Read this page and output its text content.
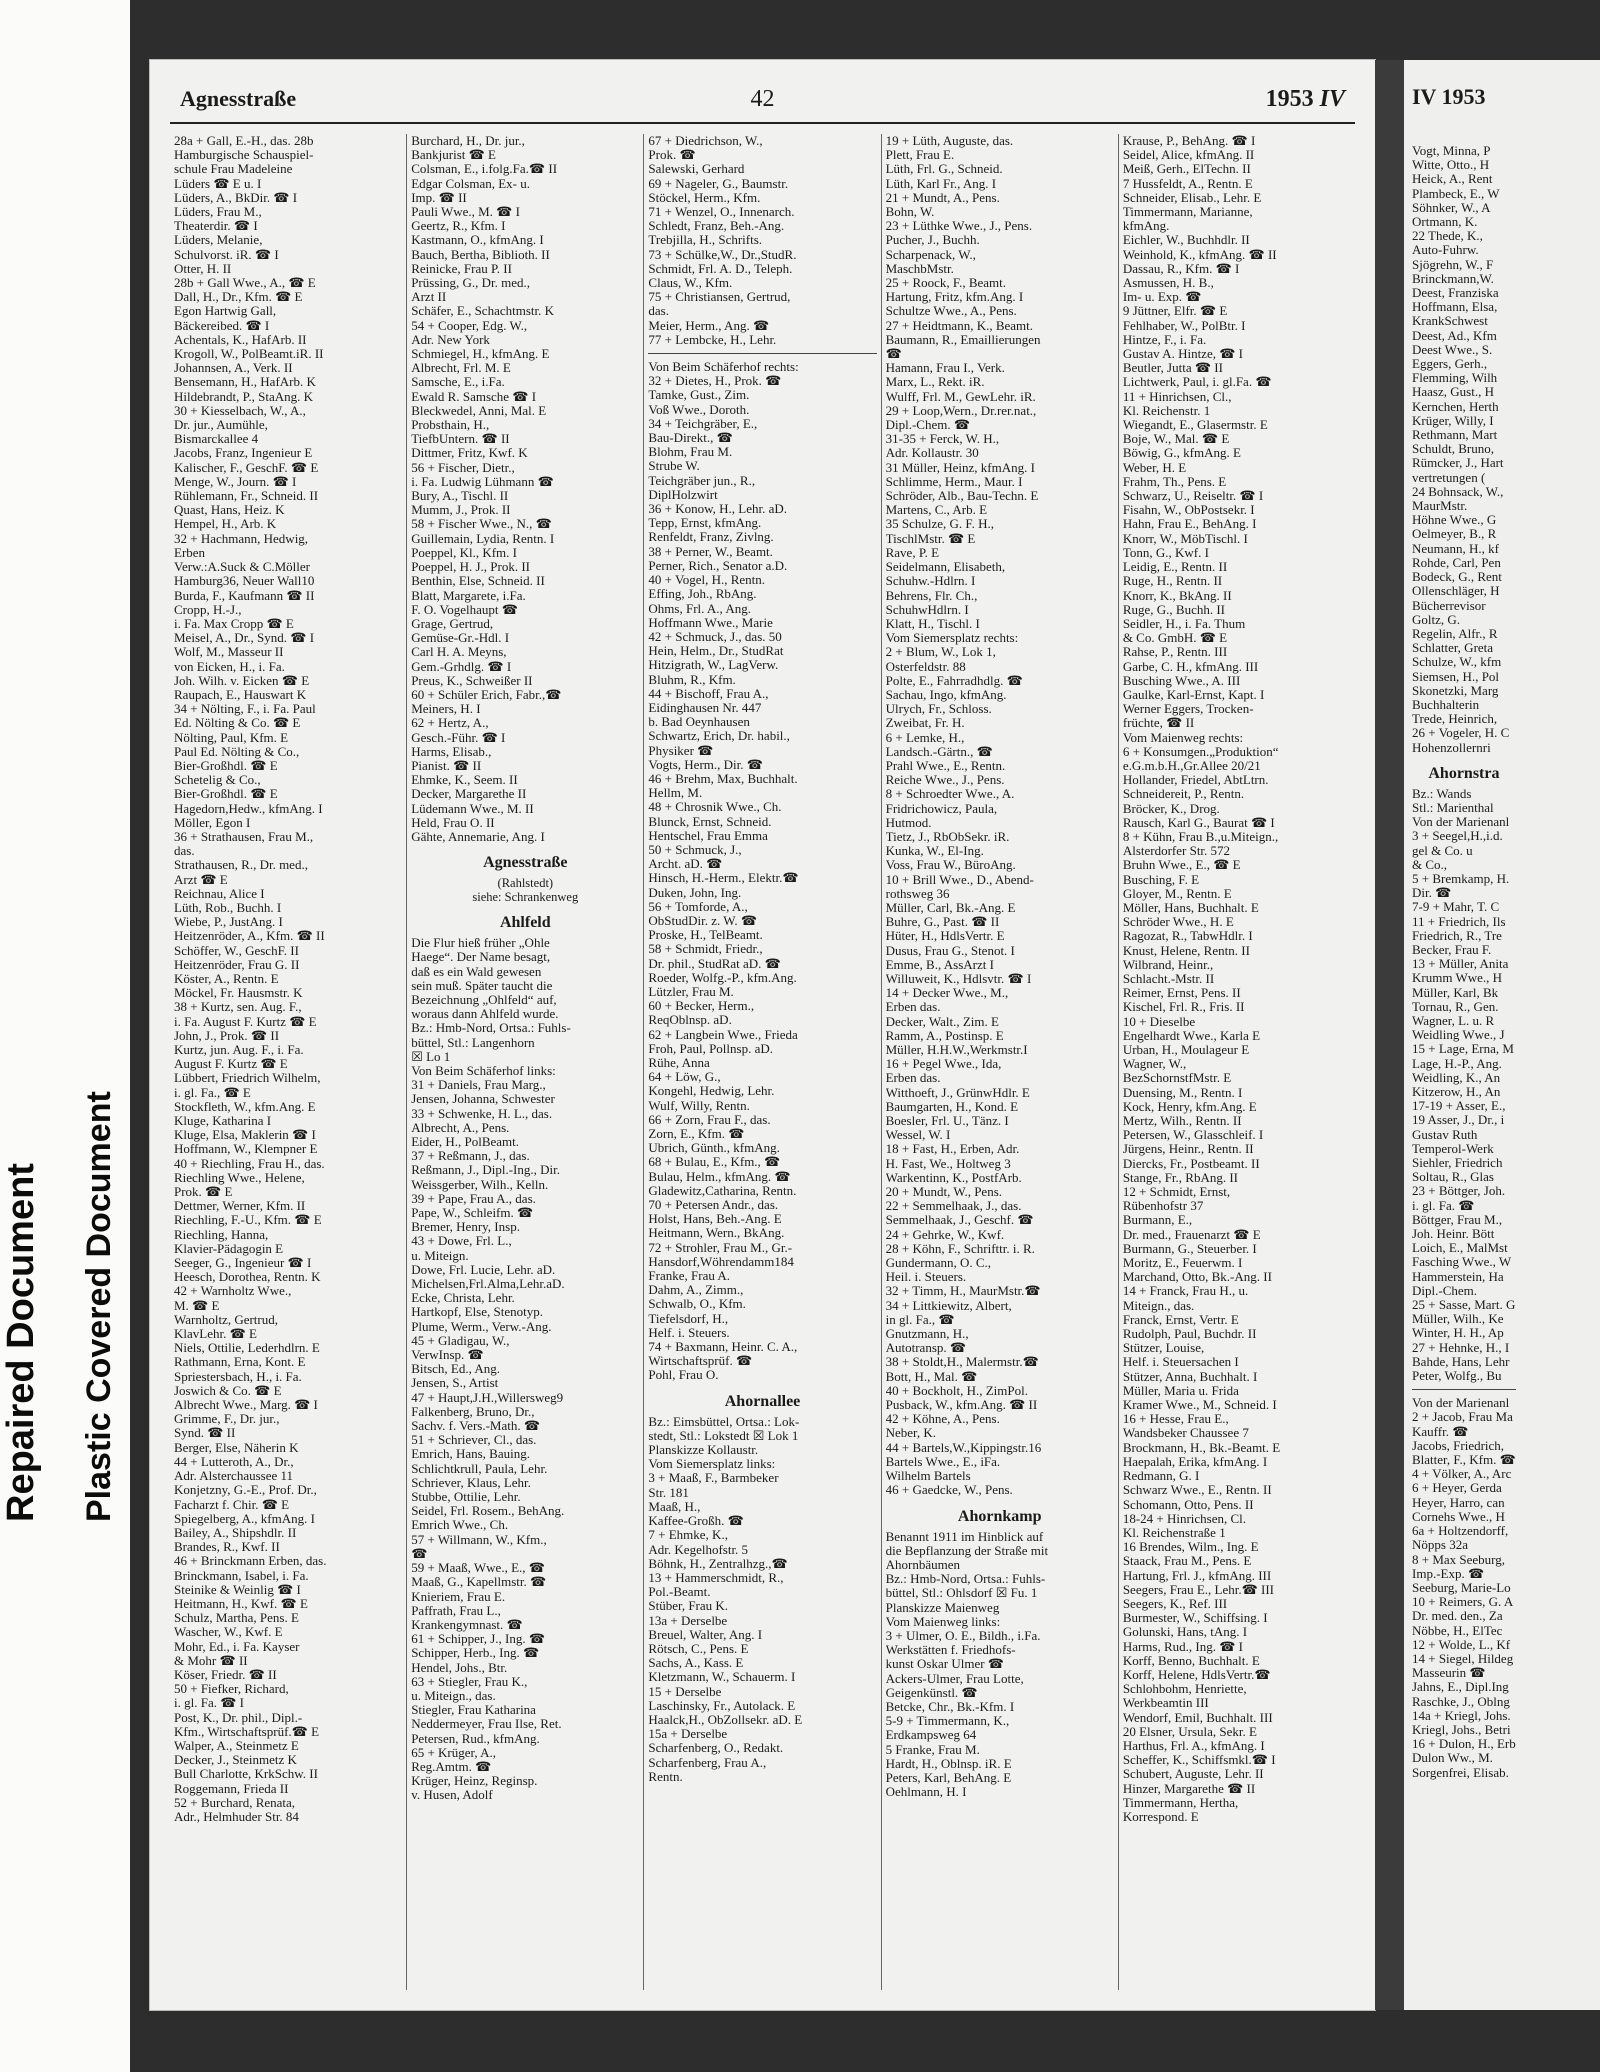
Repaired Document Plastic Covered Document
Agnesstraße	42	1953 IV
28a + Gall, E.-H., das. 28b
Hamburgische Schauspiel-
schule Frau Madeleine
Lüders ☎ E u. I
Lüders, A., BkDir. ☎ I
Lüders, Frau M.,
Theaterdir. ☎ I
Lüders, Melanie,
Schulvorst. iR. ☎ I
Otter, H. II
28b + Gall Wwe., A., ☎ E
Dall, H., Dr., Kfm. ☎ E
Egon Hartwig Gall,
Bäckereibed. ☎ I
Achentals, K., HafArb. II
Krogoll, W., PolBeamt.iR. II
Johannsen, A., Verk. II
Bensemann, H., HafArb. K
Hildebrandt, P., StaAng. K
30 + Kiesselbach, W., A.,
Dr. jur., Aumühle,
Bismarckallee 4
Jacobs, Franz, Ingenieur E
Kalischer, F., GeschF. ☎ E
Menge, W., Journ. ☎ I
Rühlemann, Fr., Schneid. II
Quast, Hans, Heiz. K
Hempel, H., Arb. K
32 + Hachmann, Hedwig,
Erben
Verw.:A.Suck & C.Möller
Hamburg36, Neuer Wall10
Burda, F., Kaufmann ☎ II
Cropp, H.-J.,
i. Fa. Max Cropp ☎ E
Meisel, A., Dr., Synd. ☎ I
Wolf, M., Masseur II
von Eicken, H., i. Fa.
Joh. Wilh. v. Eicken ☎ E
Raupach, E., Hauswart K
34 + Nölting, F., i. Fa. Paul
Ed. Nölting & Co. ☎ E
Nölting, Paul, Kfm. E
Paul Ed. Nölting & Co.,
Bier-Großhdl. ☎ E
Schetelig & Co.,
Bier-Großhdl. ☎ E
Hagedorn,Hedw., kfmAng. I
Möller, Egon I
36 + Strathausen, Frau M.,
das.
Strathausen, R., Dr. med.,
Arzt ☎ E
Reichnau, Alice I
Lüth, Rob., Buchh. I
Wiebe, P., JustAng. I
Heitzenröder, A., Kfm. ☎ II
Schöffer, W., GeschF. II
Heitzenröder, Frau G. II
Köster, A., Rentn. E
Möckel, Fr. Hausmstr. K
38 + Kurtz, sen. Aug. F.,
i. Fa. August F. Kurtz ☎ E
John, J., Prok. ☎ II
Kurtz, jun. Aug. F., i. Fa.
August F. Kurtz ☎ E
Lübbert, Friedrich Wilhelm,
i. gl. Fa., ☎ E
Stockfleth, W., kfm.Ang. E
Kluge, Katharina I
Kluge, Elsa, Maklerin ☎ I
Hoffmann, W., Klempner E
40 + Riechling, Frau H., das.
Riechling Wwe., Helene,
Prok. ☎ E
Dettmer, Werner, Kfm. II
Riechling, F.-U., Kfm. ☎ E
Riechling, Hanna,
Klavier-Pädagogin E
Seeger, G., Ingenieur ☎ I
Heesch, Dorothea, Rentn. K
42 + Warnholtz Wwe.,
M. ☎ E
Warnholtz, Gertrud,
KlavLehr. ☎ E
Niels, Ottilie, Lederhdlrn. E
Rathmann, Erna, Kont. E
Spriestersbach, H., i. Fa.
Joswich & Co. ☎ E
Albrecht Wwe., Marg. ☎ I
Grimme, F., Dr. jur.,
Synd. ☎ II
Berger, Else, Näherin K
44 + Lutteroth, A., Dr.,
Adr. Alsterchaussee 11
Konjetzny, G.-E., Prof. Dr.,
Facharzt f. Chir. ☎ E
Spiegelberg, A., kfmAng. I
Bailey, A., Shipshdlr. II
Brandes, R., Kwf. II
46 + Brinckmann Erben, das.
Brinckmann, Isabel, i. Fa.
Steinike & Weinlig ☎ I
Heitmann, H., Kwf. ☎ E
Schulz, Martha, Pens. E
Wascher, W., Kwf. E
Mohr, Ed., i. Fa. Kayser
& Mohr ☎ II
Köser, Friedr. ☎ II
50 + Fiefker, Richard,
i. gl. Fa. ☎ I
Post, K., Dr. phil., Dipl.-
Kfm., Wirtschaftsprüf.☎ E
Walper, A., Steinmetz E
Decker, J., Steinmetz K
Bull Charlotte, KrkSchw. II
Roggemann, Frieda II
52 + Burchard, Renata,
Adr., Helmhuder Str. 84
Burchard, H., Dr. jur.,
Bankjurist ☎ E
Colsman, E., i.folg.Fa.☎ II
Edgar Colsman, Ex- u.
Imp. ☎ II
Pauli Wwe., M. ☎ I
Geertz, R., Kfm. I
Kastmann, O., kfmAng. I
Bauch, Bertha, Biblioth. II
Reinicke, Frau P. II
Prüssing, G., Dr. med.,
Arzt II
Schäfer, E., Schachtmstr. K
54 + Cooper, Edg. W.,
Adr. New York
Schmiegel, H., kfmAng. E
Albrecht, Frl. M. E
Samsche, E., i.Fa.
Ewald R. Samsche ☎ I
Bleckwedel, Anni, Mal. E
Probsthain, H.,
TiefbUntern. ☎ II
Dittmer, Fritz, Kwf. K
56 + Fischer, Dietr.,
i. Fa. Ludwig Lühmann ☎
Bury, A., Tischl. II
Mumm, J., Prok. II
58 + Fischer Wwe., N., ☎
Guillemain, Lydia, Rentn. I
Poeppel, Kl., Kfm. I
Poeppel, H. J., Prok. II
Benthin, Else, Schneid. II
Blatt, Margarete, i.Fa.
F. O. Vogelhaupt ☎
Grage, Gertrud,
Gemüse-Gr.-Hdl. I
Carl H. A. Meyns,
Gem.-Grhdlg. ☎ I
Preus, K., Schweißer II
60 + Schüler Erich, Fabr.,☎
Meiners, H. I
62 + Hertz, A.,
Gesch.-Führ. ☎ I
Harms, Elisab.,
Pianist. ☎ II
Ehmke, K., Seem. II
Decker, Margarethe II
Lüdemann Wwe., M. II
Held, Frau O. II
Gähte, Annemarie, Ang. I
Agnesstraße
(Rahlstedt)
siehe: Schrankenweg
Ahlfeld
Die Flur hieß früher „Ohle
Haege“. Der Name besagt,
daß es ein Wald gewesen
sein muß. Später taucht die
Bezeichnung „Ohlfeld“ auf,
woraus dann Ahlfeld wurde.
Bz.: Hmb-Nord, Ortsa.: Fuhls-
büttel, Stl.: Langenhorn
☒ Lo 1
Von Beim Schäferhof links:
31 + Daniels, Frau Marg.,
Jensen, Johanna, Schwester
33 + Schwenke, H. L., das.
Albrecht, A., Pens.
Eider, H., PolBeamt.
37 + Reßmann, J., das.
Reßmann, J., Dipl.-Ing., Dir.
Weissgerber, Wilh., Kelln.
39 + Pape, Frau A., das.
Pape, W., Schleifm. ☎
Bremer, Henry, Insp.
43 + Dowe, Frl. L.,
u. Miteign.
Dowe, Frl. Lucie, Lehr. aD.
Michelsen,Frl.Alma,Lehr.aD.
Ecke, Christa, Lehr.
Hartkopf, Else, Stenotyp.
Plume, Werm., Verw.-Ang.
45 + Gladigau, W.,
VerwInsp. ☎
Bitsch, Ed., Ang.
Jensen, S., Artist
47 + Haupt,J.H.,Willersweg9
Falkenberg, Bruno, Dr.,
Sachv. f. Vers.-Math. ☎
51 + Schriever, Cl., das.
Emrich, Hans, Bauing.
Schlichtkrull, Paula, Lehr.
Schriever, Klaus, Lehr.
Stubbe, Ottilie, Lehr.
Seidel, Frl. Rosem., BehAng.
Emrich Wwe., Ch.
57 + Willmann, W., Kfm.,
☎
59 + Maaß, Wwe., E., ☎
Maaß, G., Kapellmstr. ☎
Knieriem, Frau E.
Paffrath, Frau L.,
Krankengymnast. ☎
61 + Schipper, J., Ing. ☎
Schipper, Herb., Ing. ☎
Hendel, Johs., Btr.
63 + Stiegler, Frau K.,
u. Miteign., das.
Stiegler, Frau Katharina
Neddermeyer, Frau Ilse, Ret.
Petersen, Rud., kfmAng.
65 + Krüger, A.,
Reg.Amtm. ☎
Krüger, Heinz, Reginsp.
v. Husen, Adolf
67 + Diedrichson, W.,
Prok. ☎
Salewski, Gerhard
69 + Nageler, G., Baumstr.
Stöckel, Herm., Kfm.
71 + Wenzel, O., Innenarch.
Schledt, Franz, Beh.-Ang.
Trebjilla, H., Schrifts.
73 + Schülke,W., Dr.,StudR.
Schmidt, Frl. A. D., Teleph.
Claus, W., Kfm.
75 + Christiansen, Gertrud,
das.
Meier, Herm., Ang. ☎
77 + Lembcke, H., Lehr.
Von Beim Schäferhof rechts:
32 + Dietes, H., Prok. ☎
Tamke, Gust., Zim.
Voß Wwe., Doroth.
34 + Teichgräber, E.,
Bau-Direkt., ☎
Blohm, Frau M.
Strube W.
Teichgräber jun., R.,
DiplHolzwirt
36 + Konow, H., Lehr. aD.
Tepp, Ernst, kfmAng.
Renfeldt, Franz, Zivlng.
38 + Perner, W., Beamt.
Perner, Rich., Senator a.D.
40 + Vogel, H., Rentn.
Effing, Joh., RbAng.
Ohms, Frl. A., Ang.
Hoffmann Wwe., Marie
42 + Schmuck, J., das. 50
Hein, Helm., Dr., StudRat
Hitzigrath, W., LagVerw.
Bluhm, R., Kfm.
44 + Bischoff, Frau A.,
Eidinghausen Nr. 447
b. Bad Oeynhausen
Schwartz, Erich, Dr. habil.,
Physiker ☎
Vogts, Herm., Dir. ☎
46 + Brehm, Max, Buchhalt.
Hellm, M.
48 + Chrosnik Wwe., Ch.
Blunck, Ernst, Schneid.
Hentschel, Frau Emma
50 + Schmuck, J.,
Archt. aD. ☎
Hinsch, H.-Herm., Elektr.☎
Duken, John, Ing.
56 + Tomforde, A.,
ObStudDir. z. W. ☎
Proske, H., TelBeamt.
58 + Schmidt, Friedr.,
Dr. phil., StudRat aD. ☎
Roeder, Wolfg.-P., kfm.Ang.
Lützler, Frau M.
60 + Becker, Herm.,
ReqOblnsp. aD.
62 + Langbein Wwe., Frieda
Froh, Paul, Pollnsp. aD.
Rühe, Anna
64 + Löw, G.,
Kongehl, Hedwig, Lehr.
Wulf, Willy, Rentn.
66 + Zorn, Frau F., das.
Zorn, E., Kfm. ☎
Ubrich, Günth., kfmAng.
68 + Bulau, E., Kfm., ☎
Bulau, Helm., kfmAng. ☎
Gladewitz,Catharina, Rentn.
70 + Petersen Andr., das.
Holst, Hans, Beh.-Ang. E
Heitmann, Wern., BkAng.
72 + Strohler, Frau M., Gr.-
Hansdorf,Wöhrendamm184
Franke, Frau A.
Dahm, A., Zimm.,
Schwalb, O., Kfm.
Tiefelsdorf, H.,
Helf. i. Steuers.
74 + Baxmann, Heinr. C. A.,
Wirtschaftsprüf. ☎
Pohl, Frau O.
Ahornallee
Bz.: Eimsbüttel, Ortsa.: Lok-
stedt, Stl.: Lokstedt ☒ Lok 1
Planskizze Kollaustr.
Vom Siemersplatz links:
3 + Maaß, F., Barmbeker
Str. 181
Maaß, H.,
Kaffee-Großh. ☎
7 + Ehmke, K.,
Adr. Kegelhofstr. 5
Böhnk, H., Zentralhzg.,☎
13 + Hammerschmidt, R.,
Pol.-Beamt.
Stüber, Frau K.
13a + Derselbe
Breuel, Walter, Ang. I
Rötsch, C., Pens. E
Sachs, A., Kass. E
Kletzmann, W., Schauerm. I
15 + Derselbe
Laschinsky, Fr., Autolack. E
Haalck,H., ObZollsekr. aD. E
15a + Derselbe
Scharfenberg, O., Redakt.
Scharfenberg, Frau A.,
Rentn.
19 + Lüth, Auguste, das.
Plett, Frau E.
Lüth, Frl. G., Schneid.
Lüth, Karl Fr., Ang. I
21 + Mundt, A., Pens.
Bohn, W.
23 + Lüthke Wwe., J., Pens.
Pucher, J., Buchh.
Scharpenack, W.,
MaschbMstr.
25 + Roock, F., Beamt.
Hartung, Fritz, kfm.Ang. I
Schultze Wwe., A., Pens.
27 + Heidtmann, K., Beamt.
Baumann, R., Emaillierungen
☎
Hamann, Frau I., Verk.
Marx, L., Rekt. iR.
Wulff, Frl. M., GewLehr. iR.
29 + Loop,Wern., Dr.rer.nat.,
Dipl.-Chem. ☎
31-35 + Ferck, W. H.,
Adr. Kollaustr. 30
31 Müller, Heinz, kfmAng. I
Schlimme, Herm., Maur. I
Schröder, Alb., Bau-Techn. E
Martens, C., Arb. E
35 Schulze, G. F. H.,
TischlMstr. ☎ E
Rave, P. E
Seidelmann, Elisabeth,
Schuhw.-Hdlrn. I
Behrens, Flr. Ch.,
SchuhwHdlrn. I
Klatt, H., Tischl. I
Vom Siemersplatz rechts:
2 + Blum, W., Lok 1,
Osterfeldstr. 88
Polte, E., Fahrradhdlg. ☎
Sachau, Ingo, kfmAng.
Ulrych, Fr., Schloss.
Zweibat, Fr. H.
6 + Lemke, H.,
Landsch.-Gärtn., ☎
Prahl Wwe., E., Rentn.
Reiche Wwe., J., Pens.
8 + Schroedter Wwe., A.
Fridrichowicz, Paula,
Hutmod.
Tietz, J., RbObSekr. iR.
Kunka, W., El-Ing.
Voss, Frau W., BüroAng.
10 + Brill Wwe., D., Abend-
rothsweg 36
Müller, Carl, Bk.-Ang. E
Buhre, G., Past. ☎ II
Hüter, H., HdlsVertr. E
Dusus, Frau G., Stenot. I
Emme, B., AssArzt I
Willuweit, K., Hdlsvtr. ☎ I
14 + Decker Wwe., M.,
Erben das.
Decker, Walt., Zim. E
Ramm, A., Postinsp. E
Müller, H.H.W.,Werkmstr.I
16 + Pegel Wwe., Ida,
Erben das.
Witthoeft, J., GrünwHdlr. E
Baumgarten, H., Kond. E
Boesler, Frl. U., Tänz. I
Wessel, W. I
18 + Fast, H., Erben, Adr.
H. Fast, We., Holtweg 3
Warkentinn, K., PostfArb.
20 + Mundt, W., Pens.
22 + Semmelhaak, J., das.
Semmelhaak, J., Geschf. ☎
24 + Gehrke, W., Kwf.
28 + Köhn, F., Schrifttr. i. R.
Gundermann, O. C.,
Heil. i. Steuers.
32 + Timm, H., MaurMstr.☎
34 + Littkiewitz, Albert,
in gl. Fa., ☎
Gnutzmann, H.,
Autotransp. ☎
38 + Stoldt,H., Malermstr.☎
Bott, H., Mal. ☎
40 + Bockholt, H., ZimPol.
Pusback, W., kfm.Ang. ☎ II
42 + Köhne, A., Pens.
Neber, K.
44 + Bartels,W.,Kippingstr.16
Bartels Wwe., E., iFa.
Wilhelm Bartels
46 + Gaedcke, W., Pens.
Ahornkamp
Benannt 1911 im Hinblick auf
die Bepflanzung der Straße mit
Ahornbäumen
Bz.: Hmb-Nord, Ortsa.: Fuhls-
büttel, Stl.: Ohlsdorf ☒ Fu. 1
Planskizze Maienweg
Vom Maienweg links:
3 + Ulmer, O. E., Bildh., i.Fa.
Werkstätten f. Friedhofs-
kunst Oskar Ulmer ☎
Ackers-Ulmer, Frau Lotte,
Geigenkünstl. ☎
Betcke, Chr., Bk.-Kfm. I
5-9 + Timmermann, K.,
Erdkampsweg 64
5 Franke, Frau M.
Hardt, H., Oblnsp. iR. E
Peters, Karl, BehAng. E
Oehlmann, H. I
Krause, P., BehAng. ☎ I
Seidel, Alice, kfmAng. II
Meiß, Gerh., ElTechn. II
7 Hussfeldt, A., Rentn. E
Schneider, Elisab., Lehr. E
Timmermann, Marianne,
kfmAng.
Eichler, W., Buchhdlr. II
Weinhold, K., kfmAng. ☎ II
Dassau, R., Kfm. ☎ I
Asmussen, H. B.,
Im- u. Exp. ☎
9 Jüttner, Elfr. ☎ E
Fehlhaber, W., PolBtr. I
Hintze, F., i. Fa.
Gustav A. Hintze, ☎ I
Beutler, Jutta ☎ II
Lichtwerk, Paul, i. gl.Fa. ☎
11 + Hinrichsen, Cl.,
Kl. Reichenstr. 1
Wiegandt, E., Glasermstr. E
Boje, W., Mal. ☎ E
Böwig, G., kfmAng. E
Weber, H. E
Frahm, Th., Pens. E
Schwarz, U., Reiseltr. ☎ I
Fisahn, W., ObPostsekr. I
Hahn, Frau E., BehAng. I
Knorr, W., MöbTischl. I
Tonn, G., Kwf. I
Leidig, E., Rentn. II
Ruge, H., Rentn. II
Knorr, K., BkAng. II
Ruge, G., Buchh. II
Seidler, H., i. Fa. Thum
& Co. GmbH. ☎ E
Rahse, P., Rentn. III
Garbe, C. H., kfmAng. III
Busching Wwe., A. III
Gaulke, Karl-Ernst, Kapt. I
Werner Eggers, Trocken-
früchte, ☎ II
Vom Maienweg rechts:
6 + Konsumgen.„Produktion“
e.G.m.b.H.,Gr.Allee 20/21
Hollander, Friedel, AbtLtrn.
Schneidereit, P., Rentn.
Bröcker, K., Drog.
Rausch, Karl G., Baurat ☎ I
8 + Kühn, Frau B.,u.Miteign.,
Alsterdorfer Str. 572
Bruhn Wwe., E., ☎ E
Busching, F. E
Gloyer, M., Rentn. E
Möller, Hans, Buchhalt. E
Schröder Wwe., H. E
Ragozat, R., TabwHdlr. I
Knust, Helene, Rentn. II
Wilbrand, Heinr.,
Schlacht.-Mstr. II
Reimer, Ernst, Pens. II
Kischel, Frl. R., Fris. II
10 + Dieselbe
Engelhardt Wwe., Karla E
Urban, H., Moulageur E
Wagner, W.,
BezSchornstfMstr. E
Duensing, M., Rentn. I
Kock, Henry, kfm.Ang. E
Mertz, Wilh., Rentn. II
Petersen, W., Glasschleif. I
Jürgens, Heinr., Rentn. II
Diercks, Fr., Postbeamt. II
Stange, Fr., RbAng. II
12 + Schmidt, Ernst,
Rübenhofstr 37
Burmann, E.,
Dr. med., Frauenarzt ☎ E
Burmann, G., Steuerber. I
Moritz, E., Feuerwm. I
Marchand, Otto, Bk.-Ang. II
14 + Franck, Frau H., u.
Miteign., das.
Franck, Ernst, Vertr. E
Rudolph, Paul, Buchdr. II
Stützer, Louise,
Helf. i. Steuersachen I
Stützer, Anna, Buchhalt. I
Müller, Maria u. Frida
Kramer Wwe., M., Schneid. I
16 + Hesse, Frau E.,
Wandsbeker Chaussee 7
Brockmann, H., Bk.-Beamt. E
Haepalah, Erika, kfmAng. I
Redmann, G. I
Schwarz Wwe., E., Rentn. II
Schomann, Otto, Pens. II
18-24 + Hinrichsen, Cl.
Kl. Reichenstraße 1
16 Brendes, Wilm., Ing. E
Staack, Frau M., Pens. E
Hartung, Frl. J., kfmAng. III
Seegers, Frau E., Lehr.☎ III
Seegers, K., Ref. III
Burmester, W., Schiffsing. I
Golunski, Hans, tAng. I
Harms, Rud., Ing. ☎ I
Korff, Benno, Buchhalt. E
Korff, Helene, HdlsVertr.☎
Schlohbohm, Henriette,
Werkbeamtin III
Wendorf, Emil, Buchhalt. III
20 Elsner, Ursula, Sekr. E
Harthus, Frl. A., kfmAng. I
Scheffer, K., Schiffsmkl.☎ I
Schubert, Auguste, Lehr. II
Hinzer, Margarethe ☎ II
Timmermann, Hertha,
Korrespond. E
IV 1953
Vogt, Minna, P
Witte, Otto., H
Heick, A., Rent
Plambeck, E., W
Söhnker, W., A
Ortmann, K.
22 Thede, K.,
Auto-Fuhrw.
Sjögrehn, W., F
Brinckmann,W.
Deest, Franziska
Hoffmann, Elsa,
KrankSchwest
Deest, Ad., Kfm
Deest Wwe., S.
Eggers, Gerh.,
Flemming, Wilh
Haasz, Gust., H
Kernchen, Herth
Krüger, Willy, I
Rethmann, Mart
Schuldt, Bruno,
Rümcker, J., Hart
vertretungen (
24 Bohnsack, W.,
MaurMstr.
Höhne Wwe., G
Oelmeyer, B., R
Neumann, H., kf
Rohde, Carl, Pen
Bodeck, G., Rent
Ollenschläger, H
Bücherrevisor
Goltz, G.
Regelin, Alfr., R
Schlatter, Greta
Schulze, W., kfm
Siemsen, H., Pol
Skonetzki, Marg
Buchhalterin
Trede, Heinrich,
26 + Vogeler, H. C
Hohenzollernri
Ahornstra
Bz.: Wands
Stl.: Marienthal
Von der Marienanl
3 + Seegel,H.,i.d.
gel & Co. u
& Co.,
5 + Bremkamp, H.
Dir. ☎
7-9 + Mahr, T. C
11 + Friedrich, Ils
Friedrich, R., Tre
Becker, Frau F.
13 + Müller, Anita
Krumm Wwe., H
Müller, Karl, Bk
Tornau, R., Gen.
Wagner, L. u. R
Weidling Wwe., J
15 + Lage, Erna, M
Lage, H.-P., Ang.
Weidling, K., An
Kitzerow, H., An
17-19 + Asser, E.,
19 Asser, J., Dr., i
Gustav Ruth
Temperol-Werk
Siehler, Friedrich
Soltau, R., Glas
23 + Böttger, Joh.
i. gl. Fa. ☎
Böttger, Frau M.,
Joh. Heinr. Bött
Loich, E., MalMst
Fasching Wwe., W
Hammerstein, Ha
Dipl.-Chem.
25 + Sasse, Mart. G
Müller, Wilh., Ke
Winter, H. H., Ap
27 + Hehnke, H., I
Bahde, Hans, Lehr
Peter, Wolfg., Bu
Von der Marienanl
2 + Jacob, Frau Ma
Kauffr. ☎
Jacobs, Friedrich,
Blatter, F., Kfm. ☎
4 + Völker, A., Arc
6 + Heyer, Gerda
Heyer, Harro, can
Cornehs Wwe., H
6a + Holtzendorff,
Nöpps 32a
8 + Max Seeburg,
Imp.-Exp. ☎
Seeburg, Marie-Lo
10 + Reimers, G. A
Dr. med. den., Za
Nöbbe, H., ElTec
12 + Wolde, L., Kf
14 + Siegel, Hildeg
Masseurin ☎
Jahns, E., Dipl.Ing
Raschke, J., Oblng
14a + Kriegl, Johs.
Kriegl, Johs., Betri
16 + Dulon, H., Erb
Dulon Ww., M.
Sorgenfrei, Elisab.
